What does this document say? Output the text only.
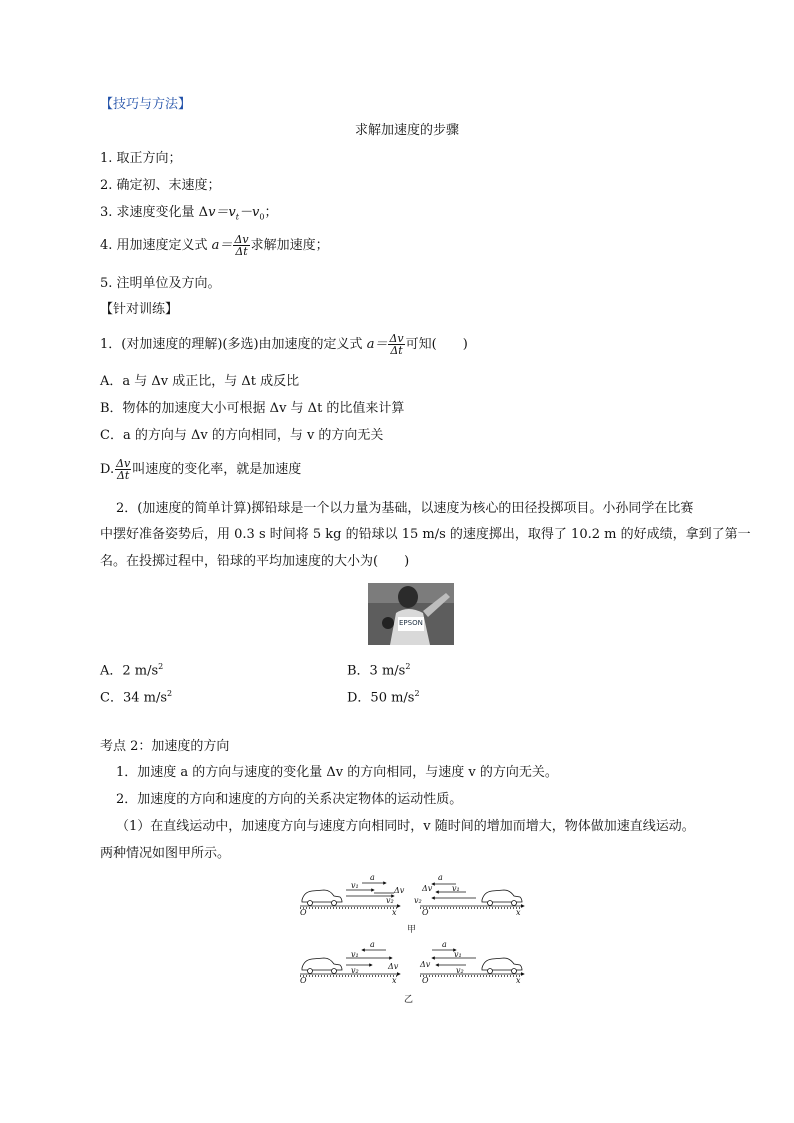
【技巧与方法】
求解加速度的步骤
1. 取正方向；
2. 确定初、末速度；
3. 求速度变化量 $\Delta v=v_t-v_0$；
4. 用加速度定义式 $a= \frac{\Delta v}{\Delta t}$ 求解加速度；
5. 注明单位及方向。
【针对训练】
1．(对加速度的理解)(多选)由加速度的定义式 $a= \frac{\Delta v}{\Delta t}$ 可知(　　)
A．a 与 Δv 成正比，与 Δt 成反比
B．物体的加速度大小可根据 Δv 与 Δt 的比值来计算
C．a 的方向与 Δv 的方向相同，与 v 的方向无关
D. $\frac{\Delta v}{\Delta t}$ 叫速度的变化率，就是加速度
2．(加速度的简单计算)掷铅球是一个以力量为基础，以速度为核心的田径投掷项目。小孙同学在比赛
中摆好准备姿势后，用 0.3 s 时间将 5 kg 的铅球以 15 m/s 的速度掷出，取得了 10.2 m 的好成绩，拿到了第一
名。在投掷过程中，铅球的平均加速度的大小为(　　)
EPSON
A．2 $m/s^2$	B．3 $m/s^2$
C．34 $m/s^2$	D．50 $m/s^2$
考点 2：加速度的方向
1．加速度 a 的方向与速度的变化量 Δv 的方向相同，与速度 v 的方向无关。
2．加速度的方向和速度的方向的关系决定物体的运动性质。
（1）在直线运动中，加速度方向与速度方向相同时，v 随时间的增加而增大，物体做加速直线运动。
两种情况如图甲所示。
O	x
a
v₁
v₂
Δv
O	x
a
v₁
v₂
Δv
甲
O	x
a
v₁
v₂	Δv
O	x
a
v₁
v₂
Δv
乙
